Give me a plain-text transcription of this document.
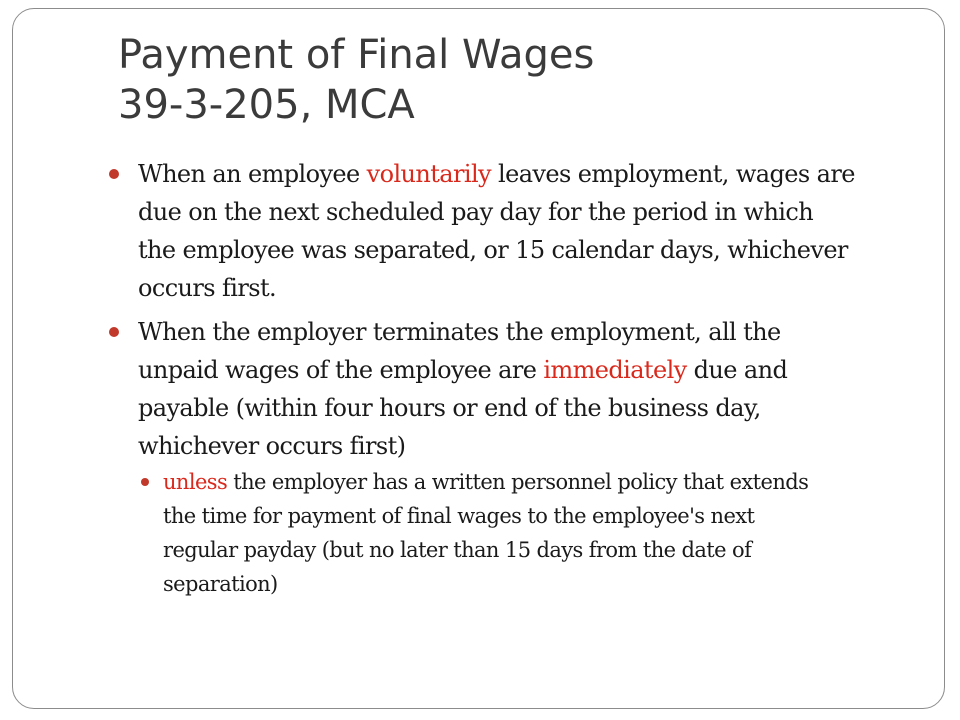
Payment of Final Wages
39-3-205, MCA
When an employee voluntarily leaves employment, wages are
due on the next scheduled pay day for the period in which
the employee was separated, or 15 calendar days, whichever
occurs first.
When the employer terminates the employment, all the
unpaid wages of the employee are immediately due and
payable (within four hours or end of the business day,
whichever occurs first)
unless the employer has a written personnel policy that extends
the time for payment of final wages to the employee's next
regular payday (but no later than 15 days from the date of
separation)
